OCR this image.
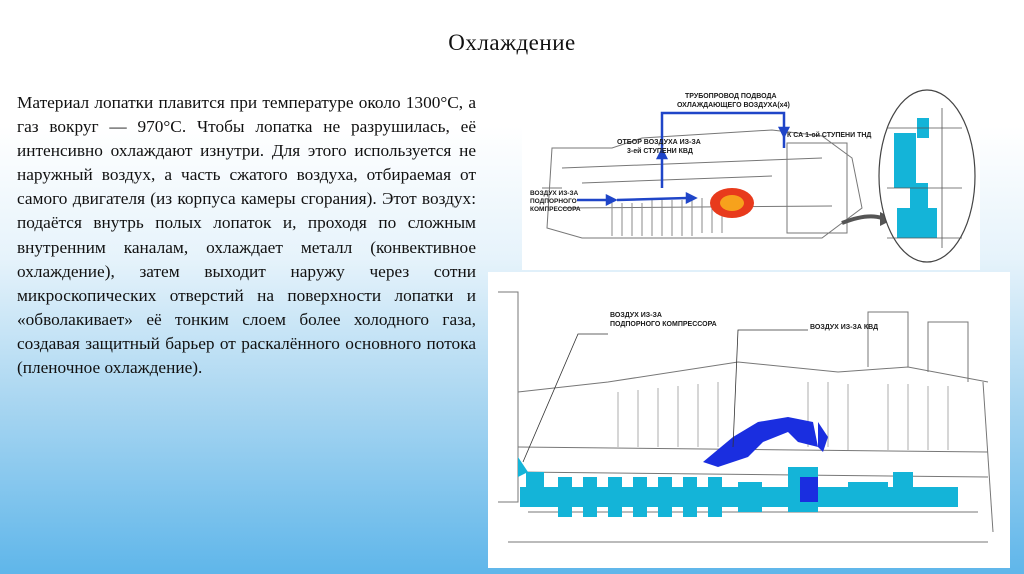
Охлаждение
Материал лопатки плавится при температуре около 1300°С, а газ вокруг — 970°С. Чтобы лопатка не разрушилась, её интенсивно охлаждают изнутри. Для этого используется не наружный воздух, а часть сжатого воздуха, отбираемая от самого двигателя (из корпуса камеры сгорания). Этот воздух: подаётся внутрь полых лопаток и, проходя по сложным внутренним каналам, охлаждает металл (конвективное охлаждение), затем выходит наружу через сотни микроскопических отверстий на поверхности лопатки и «обволакивает» её тонким слоем более холодного газа, создавая защитный барьер от раскалённого основного потока (пленочное охлаждение).
ТРУБОПРОВОД ПОДВОДА
ОХЛАЖДАЮЩЕГО ВОЗДУХА(х4)
ОТБОР ВОЗДУХА ИЗ-ЗА
3-ей СТУПЕНИ КВД
ВОЗДУХ ИЗ-ЗА
ПОДПОРНОГО
КОМПРЕССОРА
К СА 1-ой СТУПЕНИ ТНД
ВОЗДУХ ИЗ-ЗА
ПОДПОРНОГО КОМПРЕССОРА	ВОЗДУХ ИЗ-ЗА КВД
